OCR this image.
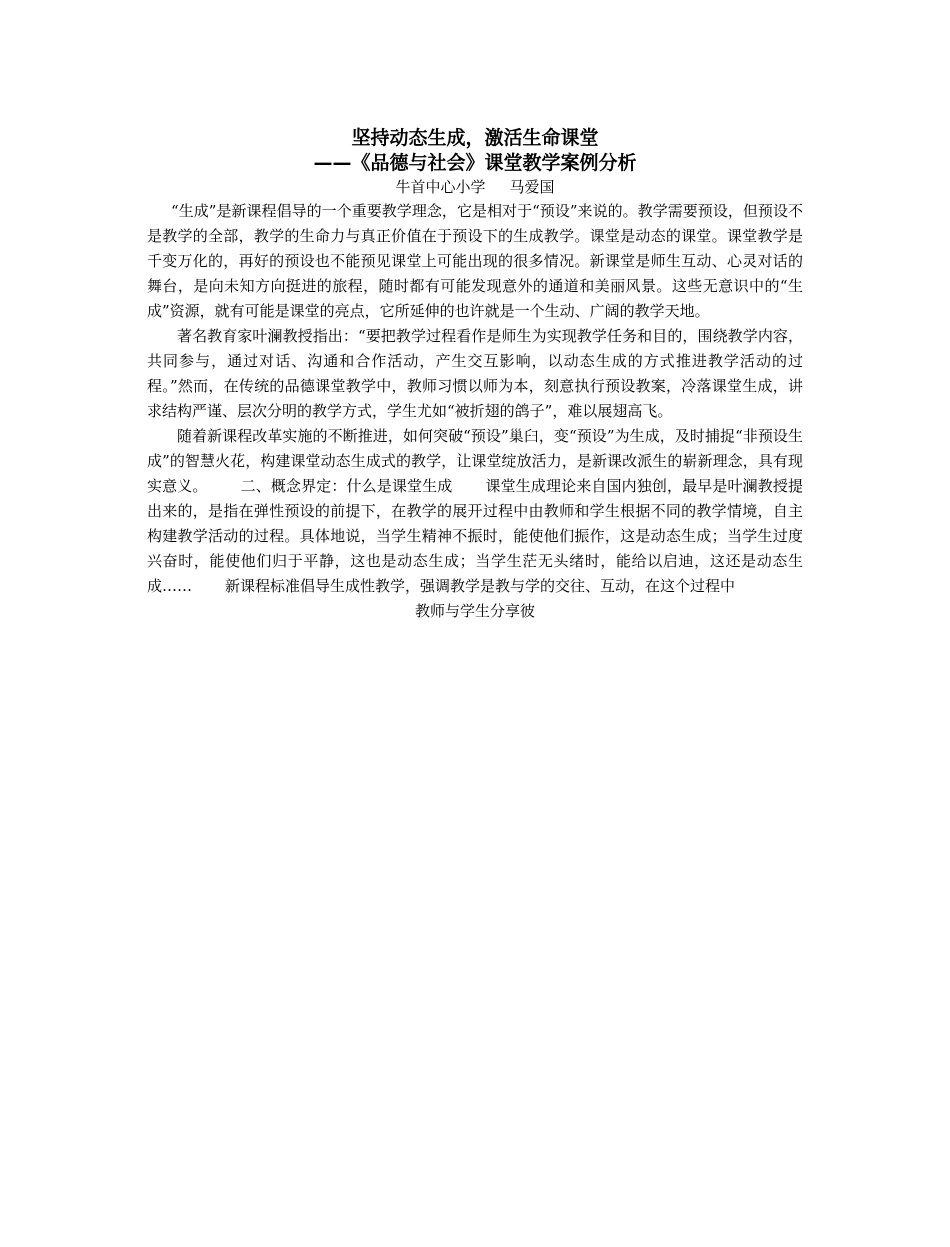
坚持动态生成，激活生命课堂
——《品德与社会》课堂教学案例分析

牛首中心小学 马爱国

“生成”是新课程倡导的一个重要教学理念，它是相对于“预设”来说的。教学需要预设，但预设不是教学的全部，教学的生命力与真正价值在于预设下的生成教学。课堂是动态的课堂。课堂教学是千变万化的，再好的预设也不能预见课堂上可能出现的很多情况。新课堂是师生互动、心灵对话的舞台，是向未知方向挺进的旅程，随时都有可能发现意外的通道和美丽风景。这些无意识中的“生成”资源，就有可能是课堂的亮点，它所延伸的也许就是一个生动、广阔的教学天地。

著名教育家叶澜教授指出：“要把教学过程看作是师生为实现教学任务和目的，围绕教学内容，共同参与，通过对话、沟通和合作活动，产生交互影响，以动态生成的方式推进教学活动的过程。”然而，在传统的品德课堂教学中，教师习惯以师为本，刻意执行预设教案，冷落课堂生成，讲求结构严谨、层次分明的教学方式，学生尤如“被折翅的鸽子”，难以展翅高飞。

随着新课程改革实施的不断推进，如何突破“预设”巢臼，变“预设”为生成，及时捕捉“非预设生成”的智慧火花，构建课堂动态生成式的教学，让课堂绽放活力，是新课改派生的崭新理念，具有现实意义。 二、概念界定：什么是课堂生成 课堂生成理论来自国内独创，最早是叶澜教授提出来的，是指在弹性预设的前提下，在教学的展开过程中由教师和学生根据不同的教学情境，自主构建教学活动的过程。具体地说，当学生精神不振时，能使他们振作，这是动态生成；当学生过度兴奋时，能使他们归于平静，这也是动态生成；当学生茫无头绪时，能给以启迪，这还是动态生成…… 新课程标准倡导生成性教学，强调教学是教与学的交往、互动，在这个过程中

教师与学生分享彼
